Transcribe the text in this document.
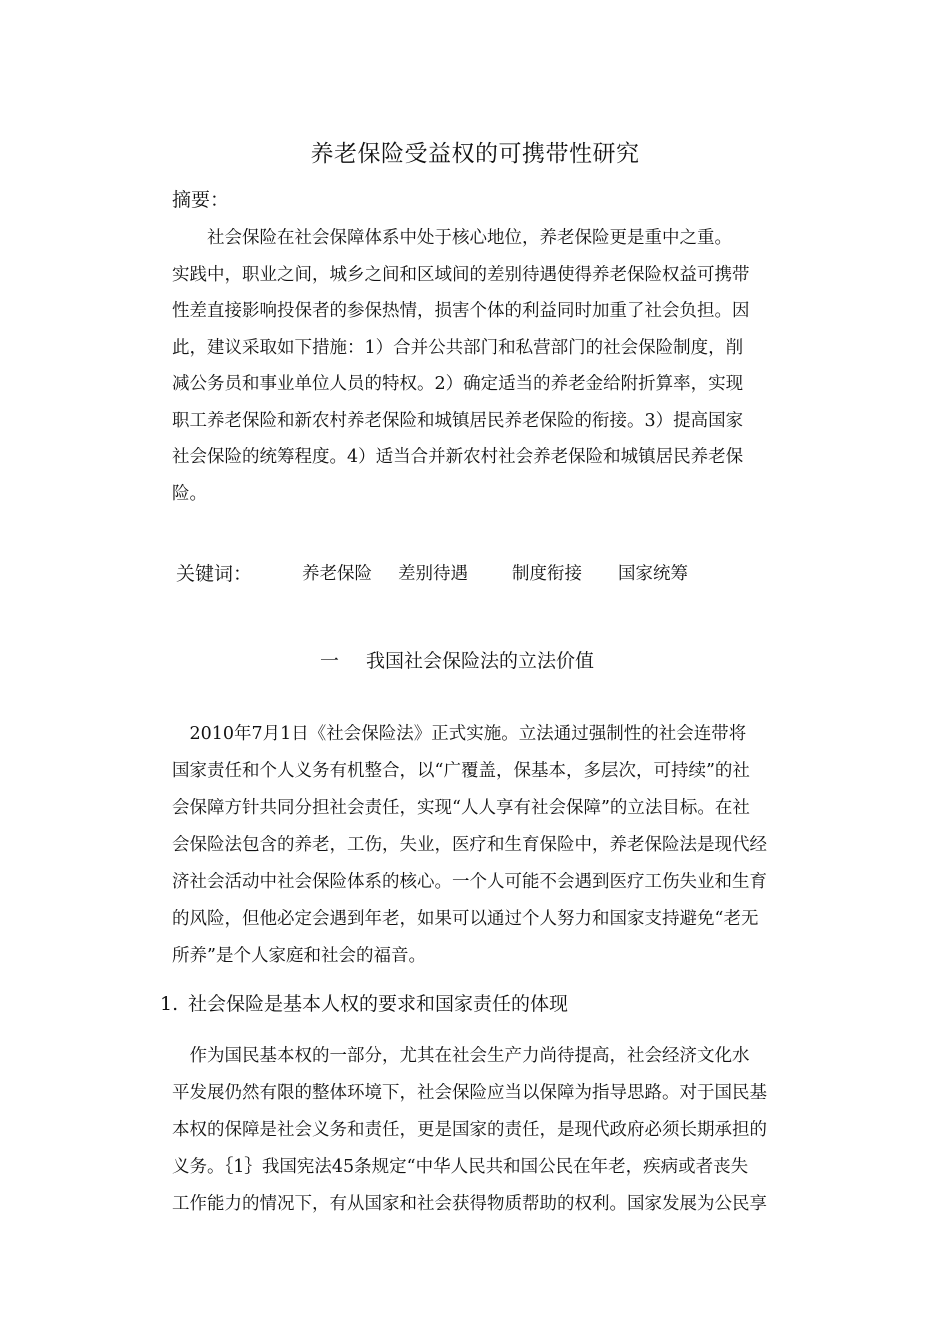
养老保险受益权的可携带性研究
摘要：
　　社会保险在社会保障体系中处于核心地位，养老保险更是重中之重。
实践中，职业之间，城乡之间和区域间的差别待遇使得养老保险权益可携带
性差直接影响投保者的参保热情，损害个体的利益同时加重了社会负担。因
此，建议采取如下措施：1）合并公共部门和私营部门的社会保险制度，削
减公务员和事业单位人员的特权。2）确定适当的养老金给附折算率，实现
职工养老保险和新农村养老保险和城镇居民养老保险的衔接。3）提高国家
社会保险的统筹程度。4）适当合并新农村社会养老保险和城镇居民养老保
险。
关键词：	养老保险 差别待遇	制度衔接 国家统筹
一 我国社会保险法的立法价值
　2010年7月1日《社会保险法》正式实施。立法通过强制性的社会连带将
国家责任和个人义务有机整合，以“广覆盖，保基本，多层次，可持续”的社
会保障方针共同分担社会责任，实现“人人享有社会保障”的立法目标。在社
会保险法包含的养老，工伤，失业，医疗和生育保险中，养老保险法是现代经
济社会活动中社会保险体系的核心。一个人可能不会遇到医疗工伤失业和生育
的风险，但他必定会遇到年老，如果可以通过个人努力和国家支持避免“老无
所养”是个人家庭和社会的福音。
1. 社会保险是基本人权的要求和国家责任的体现
　作为国民基本权的一部分，尤其在社会生产力尚待提高，社会经济文化水
平发展仍然有限的整体环境下，社会保险应当以保障为指导思路。对于国民基
本权的保障是社会义务和责任，更是国家的责任，是现代政府必须长期承担的
义务。｛1｝我国宪法45条规定“中华人民共和国公民在年老，疾病或者丧失
工作能力的情况下，有从国家和社会获得物质帮助的权利。国家发展为公民享
